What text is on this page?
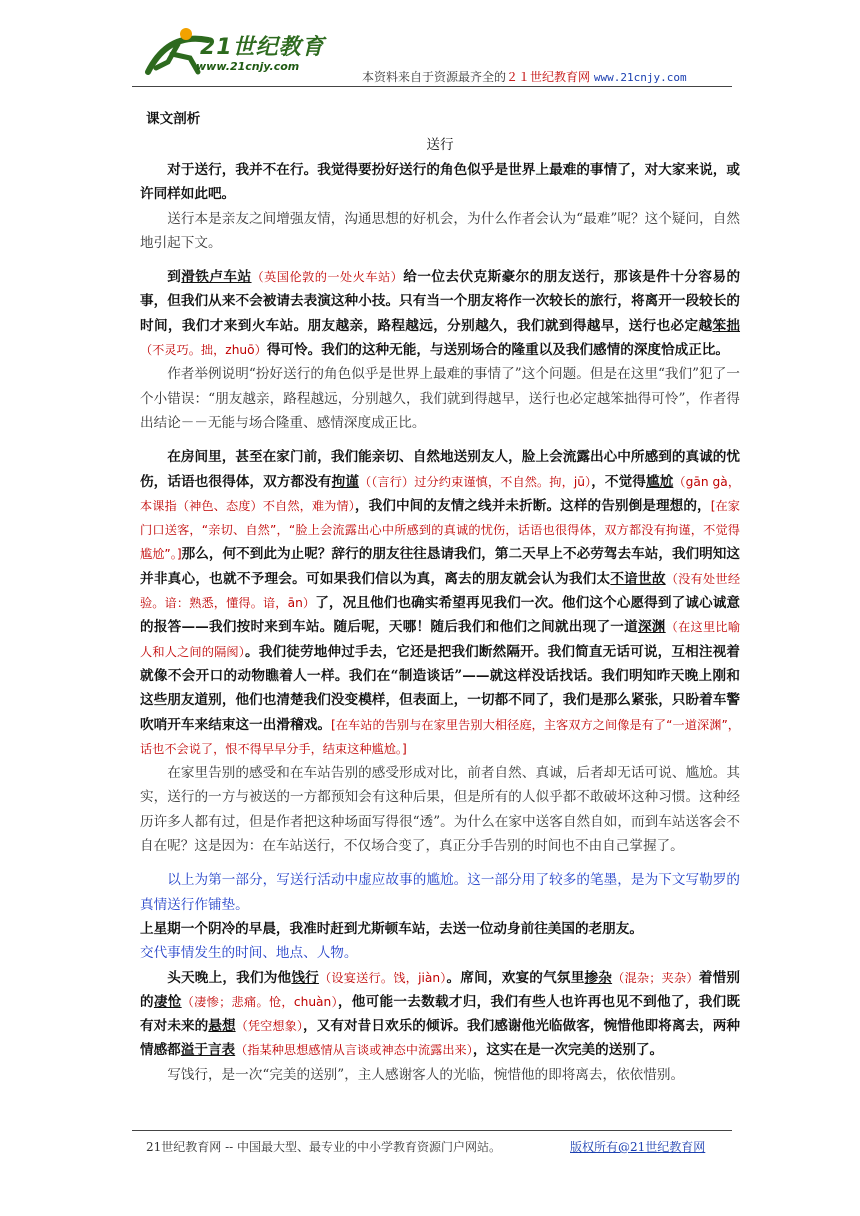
21世纪教育
www.21cnjy.com
本资料来自于资源最齐全的２１世纪教育网 www.21cnjy.com
课文剖析
送行

对于送行，我并不在行。我觉得要扮好送行的角色似乎是世界上最难的事情了，对大家来说，或许同样如此吧。

送行本是亲友之间增强友情，沟通思想的好机会，为什么作者会认为“最难”呢？这个疑问，自然地引起下文。

到滑铁卢车站（英国伦敦的一处火车站）给一位去伏克斯豪尔的朋友送行，那该是件十分容易的事，但我们从来不会被请去表演这种小技。只有当一个朋友将作一次较长的旅行，将离开一段较长的时间，我们才来到火车站。朋友越亲，路程越远，分别越久，我们就到得越早，送行也必定越笨拙（不灵巧。拙，zhuō）得可怜。我们的这种无能，与送别场合的隆重以及我们感情的深度恰成正比。

作者举例说明“扮好送行的角色似乎是世界上最难的事情了”这个问题。但是在这里“我们”犯了一个小错误：“朋友越亲，路程越远，分别越久，我们就到得越早，送行也必定越笨拙得可怜”，作者得出结论－－无能与场合隆重、感情深度成正比。

在房间里，甚至在家门前，我们能亲切、自然地送别友人，脸上会流露出心中所感到的真诚的忧伤，话语也很得体，双方都没有拘谨（（言行）过分约束谨慎，不自然。拘，jū），不觉得尴尬（gān gà，本课指（神色、态度）不自然，难为情），我们中间的友情之线并未折断。这样的告别倒是理想的，[在家门口送客，“亲切、自然”，“脸上会流露出心中所感到的真诚的忧伤，话语也很得体，双方都没有拘谨，不觉得尴尬”。]那么，何不到此为止呢？辞行的朋友往往恳请我们，第二天早上不必劳驾去车站，我们明知这并非真心，也就不予理会。可如果我们信以为真，离去的朋友就会认为我们太不谙世故（没有处世经验。谙：熟悉，懂得。谙，ān）了，况且他们也确实希望再见我们一次。他们这个心愿得到了诚心诚意的报答——我们按时来到车站。随后呢，天哪！随后我们和他们之间就出现了一道深渊（在这里比喻人和人之间的隔阂）。我们徒劳地伸过手去，它还是把我们断然隔开。我们简直无话可说，互相注视着就像不会开口的动物瞧着人一样。我们在“制造谈话”——就这样没话找话。我们明知昨天晚上刚和这些朋友道别，他们也清楚我们没变模样，但表面上，一切都不同了，我们是那么紧张，只盼着车警吹哨开车来结束这一出滑稽戏。[在车站的告别与在家里告别大相径庭，主客双方之间像是有了“一道深渊”，话也不会说了，恨不得早早分手，结束这种尴尬。]

在家里告别的感受和在车站告别的感受形成对比，前者自然、真诚，后者却无话可说、尴尬。其实，送行的一方与被送的一方都预知会有这种后果，但是所有的人似乎都不敢破坏这种习惯。这种经历许多人都有过，但是作者把这种场面写得很“透”。为什么在家中送客自然自如，而到车站送客会不自在呢？这是因为：在车站送行，不仅场合变了，真正分手告别的时间也不由自己掌握了。

以上为第一部分，写送行活动中虚应故事的尴尬。这一部分用了较多的笔墨，是为下文写勒罗的真情送行作铺垫。

上星期一个阴冷的早晨，我准时赶到尤斯顿车站，去送一位动身前往美国的老朋友。

交代事情发生的时间、地点、人物。

头天晚上，我们为他饯行（设宴送行。饯，jiàn）。席间，欢宴的气氛里掺杂（混杂；夹杂）着惜别的凄怆（凄惨；悲痛。怆，chuàn），他可能一去数载才归，我们有些人也许再也见不到他了，我们既有对未来的悬想（凭空想象），又有对昔日欢乐的倾诉。我们感谢他光临做客，惋惜他即将离去，两种情感都溢于言表（指某种思想感情从言谈或神态中流露出来），这实在是一次完美的送别了。

写饯行，是一次“完美的送别”，主人感谢客人的光临，惋惜他的即将离去，依依惜别。

21世纪教育网 -- 中国最大型、最专业的中小学教育资源门户网站。	版权所有@21世纪教育网
